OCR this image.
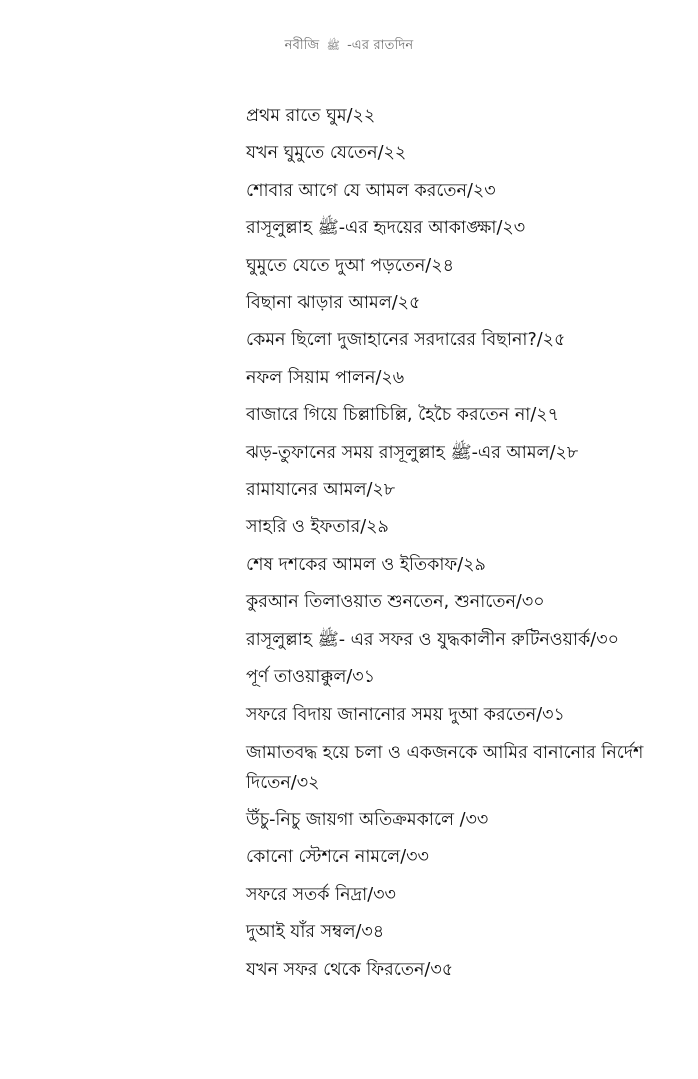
নবীজি ﷺ -এর রাতদিন
প্রথম রাতে ঘুম/২২
যখন ঘুমুতে যেতেন/২২
শোবার আগে যে আমল করতেন/২৩
রাসূলুল্লাহ ﷺ-এর হৃদয়ের আকাঙ্ক্ষা/২৩
ঘুমুতে যেতে দুআ পড়তেন/২৪
বিছানা ঝাড়ার আমল/২৫
কেমন ছিলো দুজাহানের সরদারের বিছানা?/২৫
নফল সিয়াম পালন/২৬
বাজারে গিয়ে চিল্লাচিল্লি, হৈচৈ করতেন না/২৭
ঝড়-তুফানের সময় রাসূলুল্লাহ ﷺ-এর আমল/২৮
রামাযানের আমল/২৮
সাহরি ও ইফতার/২৯
শেষ দশকের আমল ও ইতিকাফ/২৯
কুরআন তিলাওয়াত শুনতেন, শুনাতেন/৩০
রাসূলুল্লাহ ﷺ- এর সফর ও যুদ্ধকালীন রুটিনওয়ার্ক/৩০
পূর্ণ তাওয়াক্কুল/৩১
সফরে বিদায় জানানোর সময় দুআ করতেন/৩১
জামাতবদ্ধ হয়ে চলা ও একজনকে আমির বানানোর নির্দেশ দিতেন/৩২
উঁচু-নিচু জায়গা অতিক্রমকালে /৩৩
কোনো স্টেশনে নামলে/৩৩
সফরে সতর্ক নিদ্রা/৩৩
দুআই যাঁর সম্বল/৩৪
যখন সফর থেকে ফিরতেন/৩৫
